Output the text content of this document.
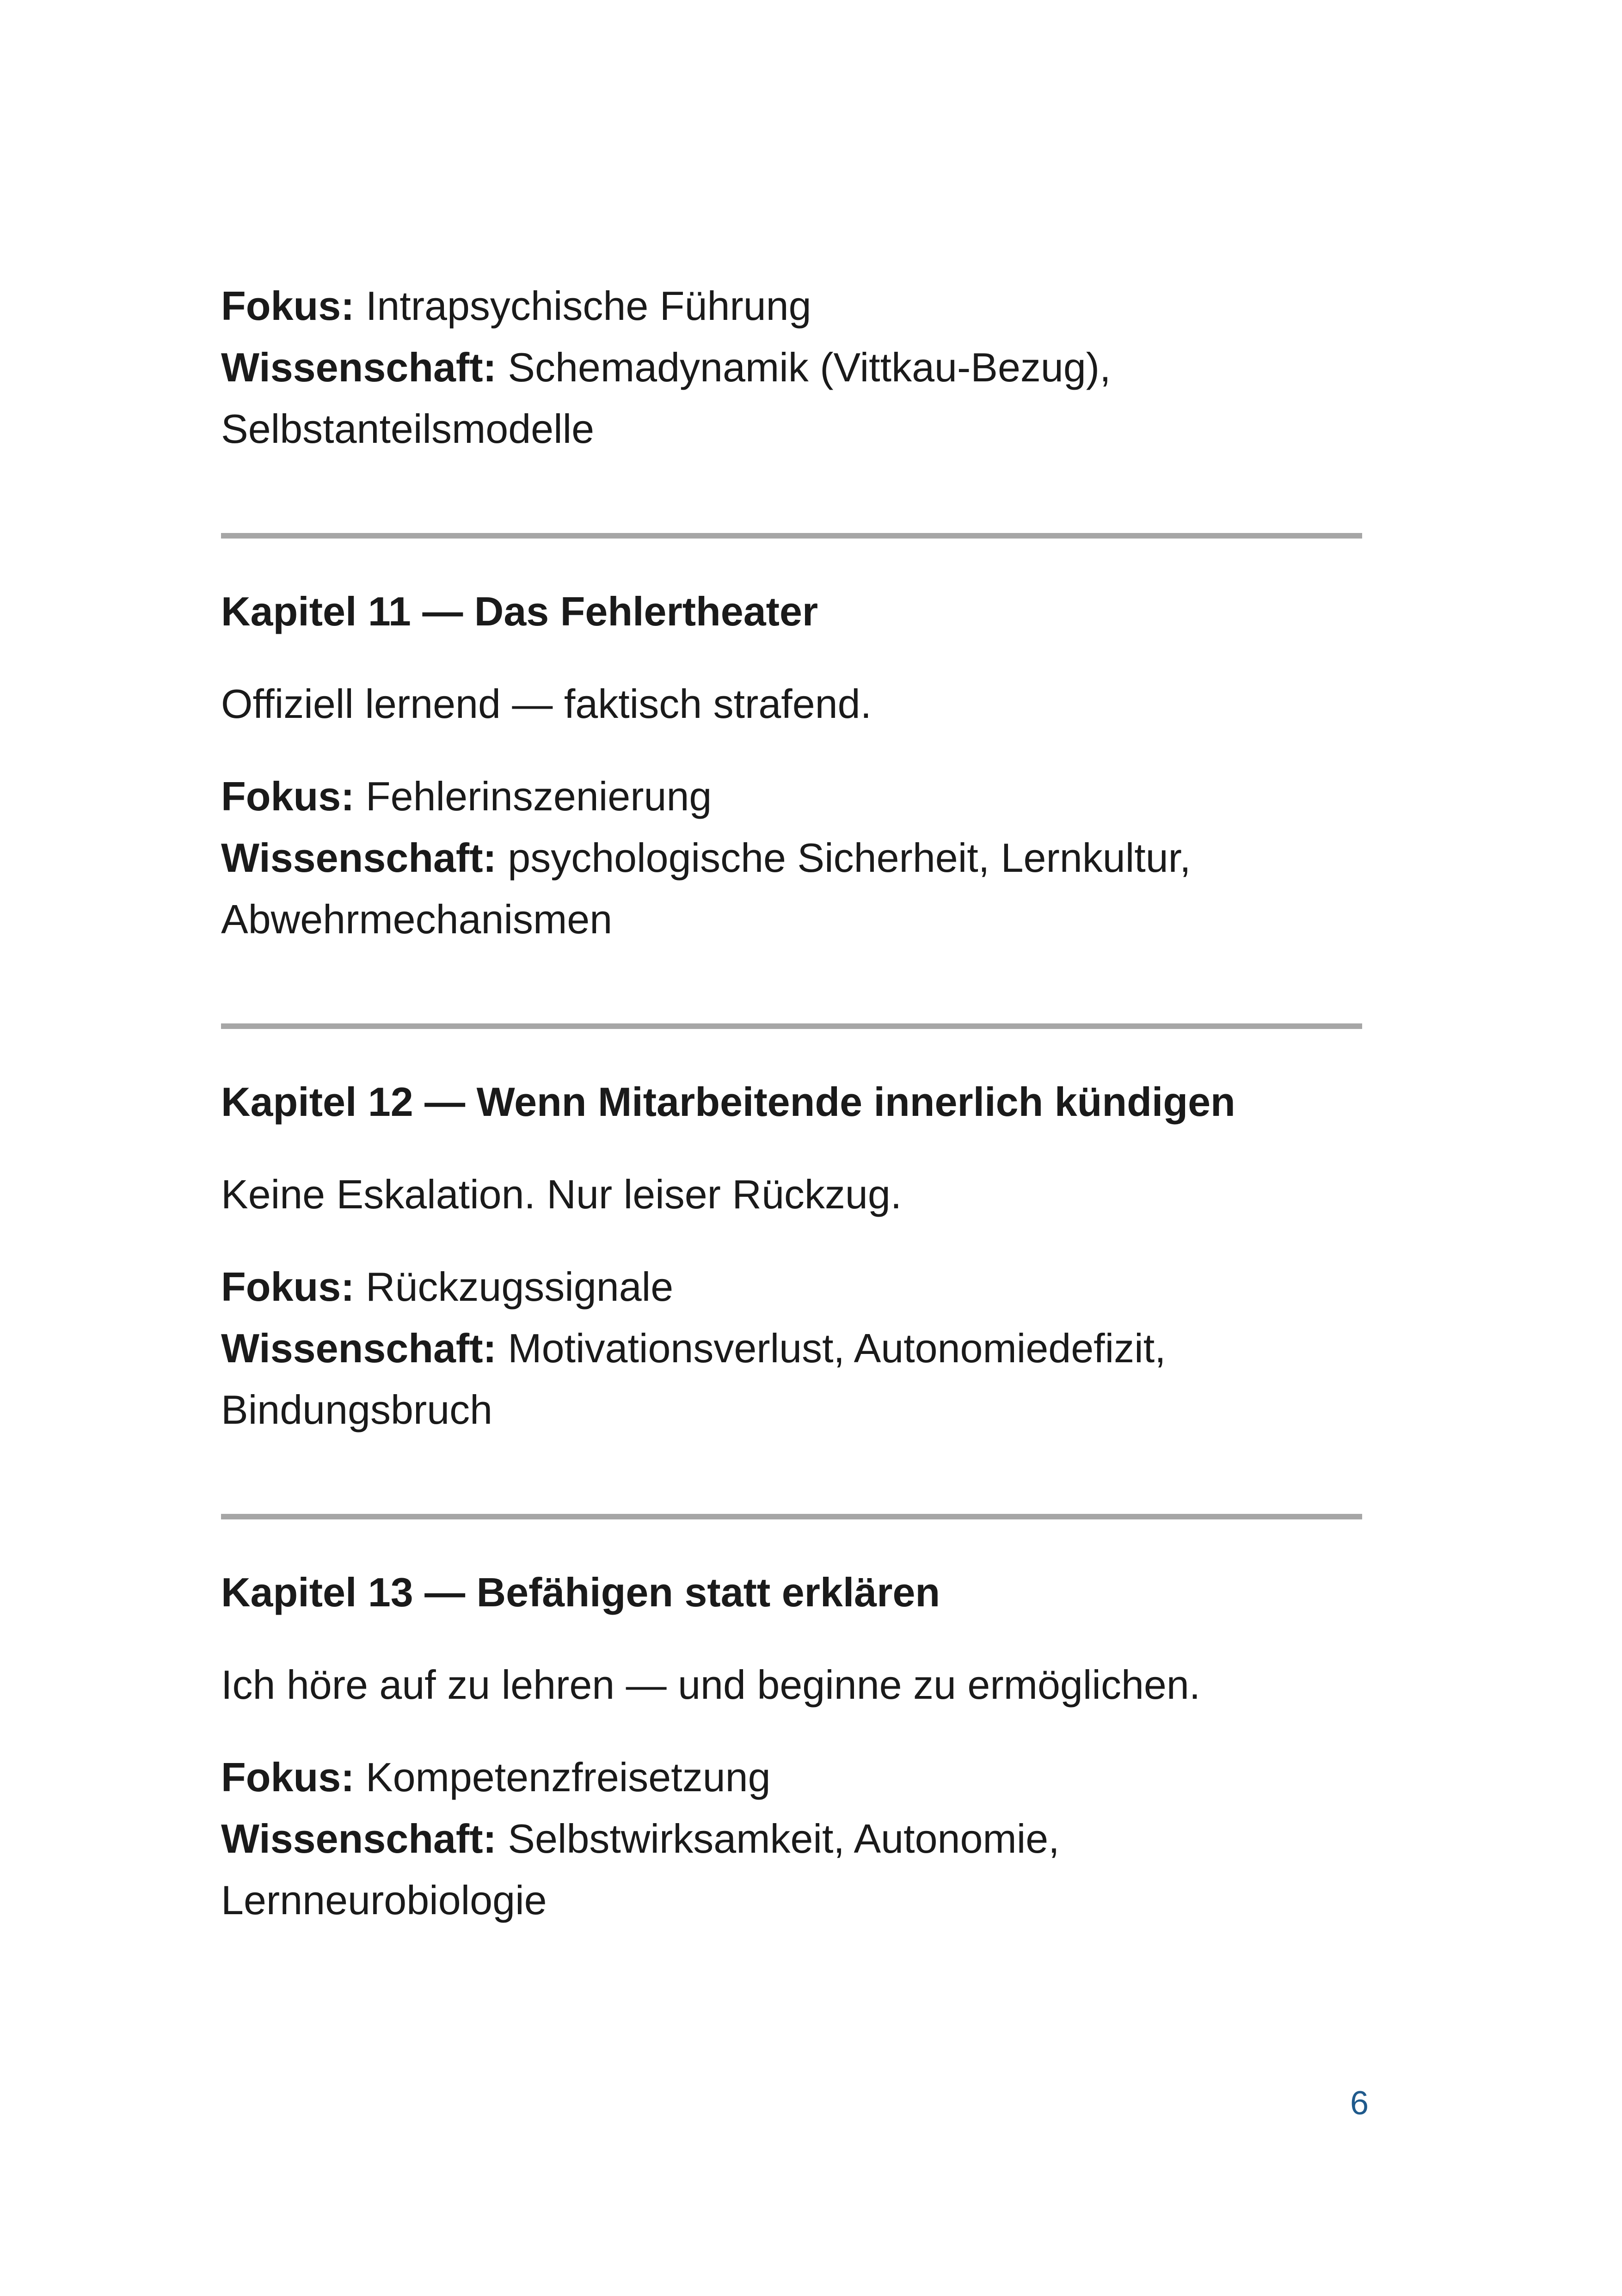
Fokus: Intrapsychische Führung
Wissenschaft: Schemadynamik (Vittkau-Bezug),
Selbstanteilsmodelle
Kapitel 11 — Das Fehlertheater
Offiziell lernend — faktisch strafend.
Fokus: Fehlerinszenierung
Wissenschaft: psychologische Sicherheit, Lernkultur,
Abwehrmechanismen
Kapitel 12 — Wenn Mitarbeitende innerlich kündigen
Keine Eskalation. Nur leiser Rückzug.
Fokus: Rückzugssignale
Wissenschaft: Motivationsverlust, Autonomiedefizit,
Bindungsbruch
Kapitel 13 — Befähigen statt erklären
Ich höre auf zu lehren — und beginne zu ermöglichen.
Fokus: Kompetenzfreisetzung
Wissenschaft: Selbstwirksamkeit, Autonomie,
Lernneurobiologie
6
